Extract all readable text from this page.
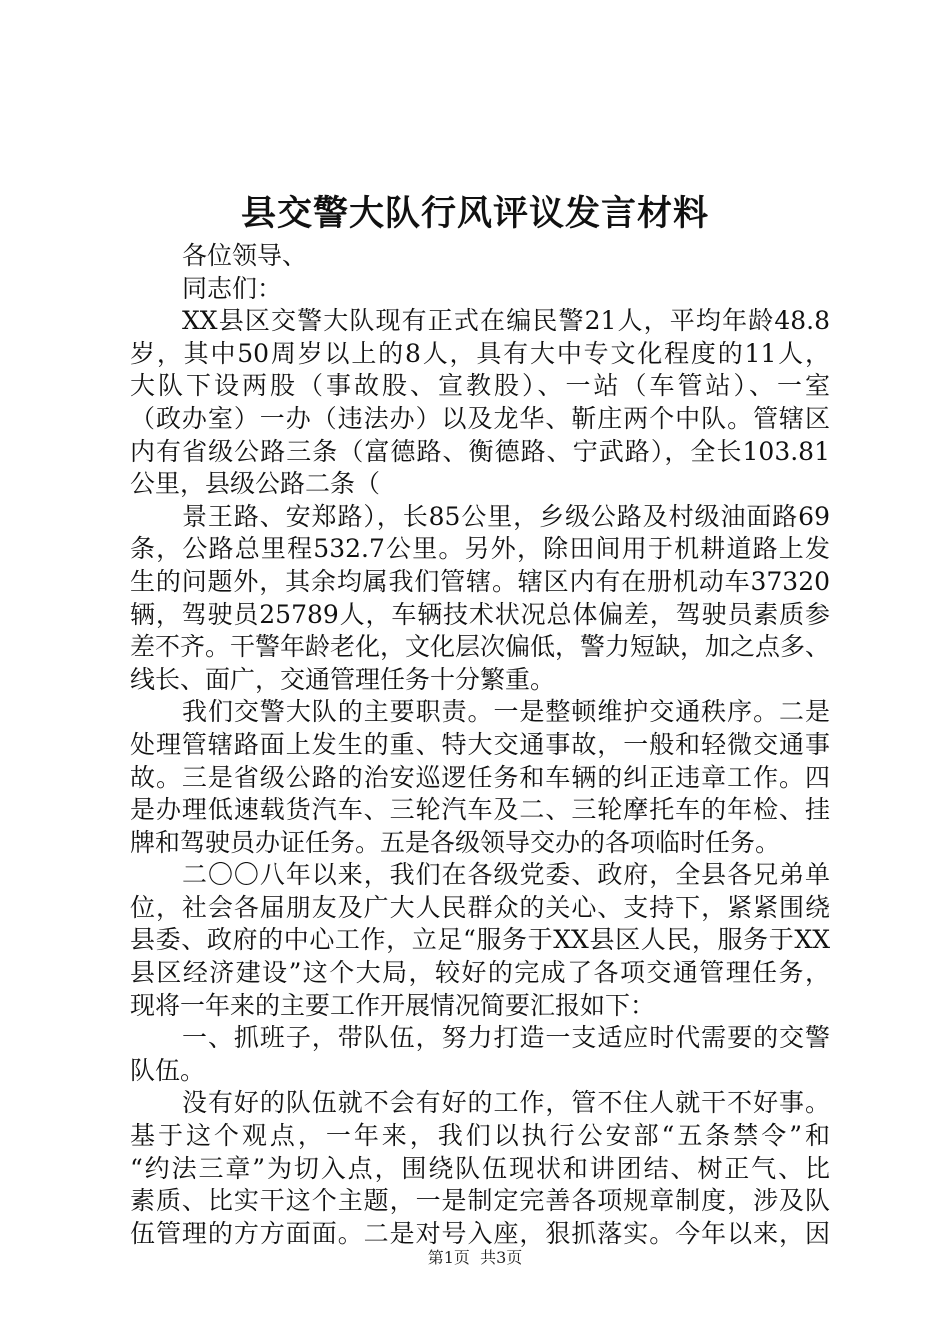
县交警大队行风评议发言材料
各位领导、
同志们：
XX县区交警大队现有正式在编民警21人，平均年龄48.8
岁，其中50周岁以上的8人，具有大中专文化程度的11人，
大队下设两股（事故股、宣教股）、一站（车管站）、一室
（政办室）一办（违法办）以及龙华、靳庄两个中队。管辖区
内有省级公路三条（富德路、衡德路、宁武路），全长103.81
公里，县级公路二条（
景王路、安郑路），长85公里，乡级公路及村级油面路69
条，公路总里程532.7公里。另外，除田间用于机耕道路上发
生的问题外，其余均属我们管辖。辖区内有在册机动车37320
辆，驾驶员25789人，车辆技术状况总体偏差，驾驶员素质参
差不齐。干警年龄老化，文化层次偏低，警力短缺，加之点多、
线长、面广，交通管理任务十分繁重。
我们交警大队的主要职责。一是整顿维护交通秩序。二是
处理管辖路面上发生的重、特大交通事故，一般和轻微交通事
故。三是省级公路的治安巡逻任务和车辆的纠正违章工作。四
是办理低速载货汽车、三轮汽车及二、三轮摩托车的年检、挂
牌和驾驶员办证任务。五是各级领导交办的各项临时任务。
二〇〇八年以来，我们在各级党委、政府，全县各兄弟单
位，社会各届朋友及广大人民群众的关心、支持下，紧紧围绕
县委、政府的中心工作，立足“服务于XX县区人民，服务于XX
县区经济建设”这个大局，较好的完成了各项交通管理任务，
现将一年来的主要工作开展情况简要汇报如下：
一、抓班子，带队伍，努力打造一支适应时代需要的交警
队伍。
没有好的队伍就不会有好的工作，管不住人就干不好事。
基于这个观点，一年来，我们以执行公安部“五条禁令”和
“约法三章”为切入点，围绕队伍现状和讲团结、树正气、比
素质、比实干这个主题，一是制定完善各项规章制度，涉及队
伍管理的方方面面。二是对号入座，狠抓落实。今年以来，因
第1页  共3页
